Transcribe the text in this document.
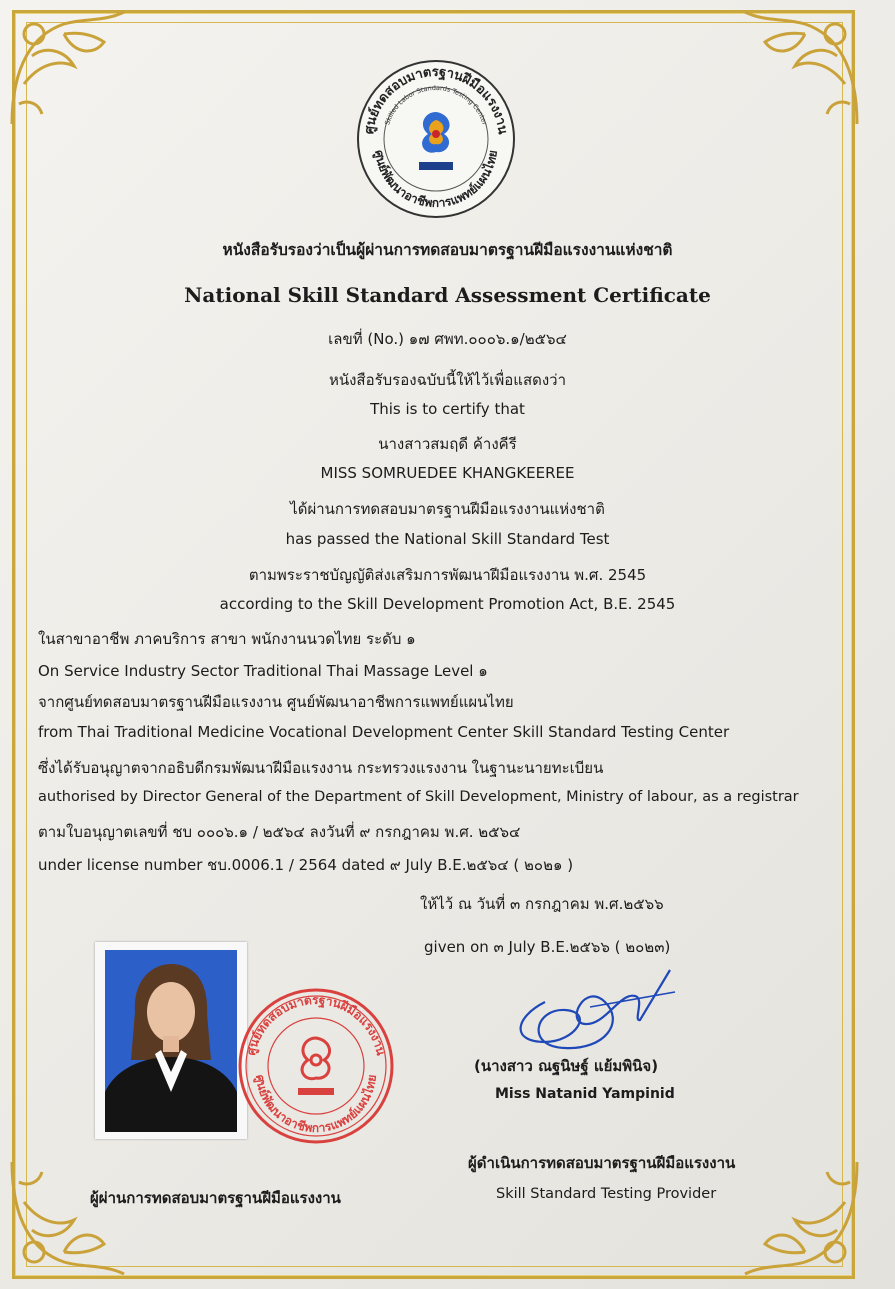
ศูนย์ทดสอบมาตรฐานฝีมือแรงงาน
Skilled Labor Standards Testing Center
ศูนย์พัฒนาอาชีพการแพทย์แผนไทย
หนังสือรับรองว่าเป็นผู้ผ่านการทดสอบมาตรฐานฝีมือแรงงานแห่งชาติ
National Skill Standard Assessment Certificate
เลขที่ (No.) ๑๗ ศพท.๐๐๐๖.๑/๒๕๖๔
หนังสือรับรองฉบับนี้ให้ไว้เพื่อแสดงว่า
This is to certify that
นางสาวสมฤดี ค้างคีรี
MISS SOMRUEDEE KHANGKEEREE
ได้ผ่านการทดสอบมาตรฐานฝีมือแรงงานแห่งชาติ
has passed the National Skill Standard Test
ตามพระราชบัญญัติส่งเสริมการพัฒนาฝีมือแรงงาน พ.ศ. 2545
according to the Skill Development Promotion Act, B.E. 2545
ในสาขาอาชีพ ภาคบริการ สาขา พนักงานนวดไทย ระดับ ๑
On Service Industry Sector Traditional Thai Massage Level ๑
จากศูนย์ทดสอบมาตรฐานฝีมือแรงงาน ศูนย์พัฒนาอาชีพการแพทย์แผนไทย
from Thai Traditional Medicine Vocational Development Center Skill Standard Testing Center
ซึ่งได้รับอนุญาตจากอธิบดีกรมพัฒนาฝีมือแรงงาน กระทรวงแรงงาน ในฐานะนายทะเบียน
authorised by Director General of the Department of Skill Development, Ministry of labour, as a registrar
ตามใบอนุญาตเลขที่ ชบ ๐๐๐๖.๑ / ๒๕๖๔ ลงวันที่ ๙ กรกฎาคม พ.ศ. ๒๕๖๔
under license number ชบ.0006.1 / 2564 dated ๙ July B.E.๒๕๖๔ ( ๒๐๒๑ )
ให้ไว้ ณ วันที่ ๓ กรกฎาคม พ.ศ.๒๕๖๖
given on ๓ July B.E.๒๕๖๖ ( ๒๐๒๓)
ศูนย์ทดสอบมาตรฐานฝีมือแรงงาน
ศูนย์พัฒนาอาชีพการแพทย์แผนไทย
(นางสาว ณฐนิษฐ์ แย้มพินิจ)
Miss Natanid Yampinid
ผู้ดำเนินการทดสอบมาตรฐานฝีมือแรงงาน
Skill Standard Testing Provider
ผู้ผ่านการทดสอบมาตรฐานฝีมือแรงงาน
